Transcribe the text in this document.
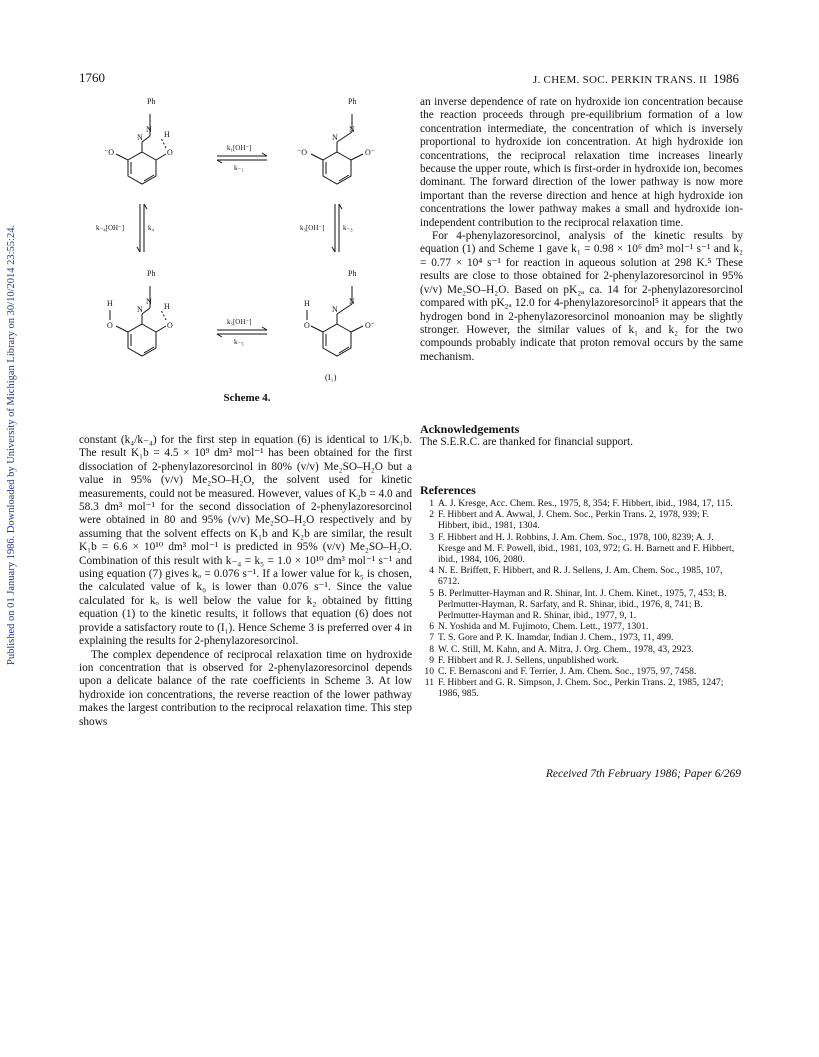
Published on 01 January 1986. Downloaded by University of Michigan Library on 30/10/2014 23:55:24.
1760	J. CHEM. SOC. PERKIN TRANS. II 1986
Ph
N
N
H
⁻O	O
Ph
N
N
⁻O	O⁻
k₁[OH⁻]
k₋₁
k₋₄[OH⁻]	k₄	k₃[OH⁻]	k₋₃
Ph
N
N
H
H
O	O
Ph
N
N
H
O	O⁻
k₅[OH⁻]
k₋₅
(I₁)
Scheme 4.

constant (k₄/k₋₄) for the first step in equation (6) is identical to 1/K₁b. The result K₁b = 4.5 × 10⁹ dm³ mol⁻¹ has been obtained for the first dissociation of 2-phenylazoresorcinol in 80% (v/v) Me₂SO–H₂O but a value in 95% (v/v) Me₂SO–H₂O, the solvent used for kinetic measurements, could not be measured. However, values of K₂b = 4.0 and 58.3 dm³ mol⁻¹ for the second dissociation of 2-phenylazoresorcinol were obtained in 80 and 95% (v/v) Me₂SO–H₂O respectively and by assuming that the solvent effects on K₁b and K₂b are similar, the result K₁b = 6.6 × 10¹⁰ dm³ mol⁻¹ is predicted in 95% (v/v) Me₂SO–H₂O. Combination of this result with k₋₄ = k₅ = 1.0 × 10¹⁰ dm³ mol⁻¹ s⁻¹ and using equation (7) gives kₒ = 0.076 s⁻¹. If a lower value for k₅ is chosen, the calculated value of k₀ is lower than 0.076 s⁻¹. Since the value calculated for kₒ is well below the value for k₂ obtained by fitting equation (1) to the kinetic results, it follows that equation (6) does not provide a satisfactory route to (I₁). Hence Scheme 3 is preferred over 4 in explaining the results for 2-phenylazoresorcinol.

The complex dependence of reciprocal relaxation time on hydroxide ion concentration that is observed for 2-phenylazoresorcinol depends upon a delicate balance of the rate coefficients in Scheme 3. At low hydroxide ion concentrations, the reverse reaction of the lower pathway makes the largest contribution to the reciprocal relaxation time. This step shows

an inverse dependence of rate on hydroxide ion concentration because the reaction proceeds through pre-equilibrium formation of a low concentration intermediate, the concentration of which is inversely proportional to hydroxide ion concentration. At high hydroxide ion concentrations, the reciprocal relaxation time increases linearly because the upper route, which is first-order in hydroxide ion, becomes dominant. The forward direction of the lower pathway is now more important than the reverse direction and hence at high hydroxide ion concentrations the lower pathway makes a small and hydroxide ion-independent contribution to the reciprocal relaxation time.

For 4-phenylazoresorcinol, analysis of the kinetic results by equation (1) and Scheme 1 gave k₁ = 0.98 × 10⁶ dm³ mol⁻¹ s⁻¹ and k₂ = 0.77 × 10⁴ s⁻¹ for reaction in aqueous solution at 298 K.⁵ These results are close to those obtained for 2-phenylazoresorcinol in 95% (v/v) Me₂SO–H₂O. Based on pK₂ₐ ca. 14 for 2-phenylazoresorcinol compared with pK₂ₐ 12.0 for 4-phenylazoresorcinol⁵ it appears that the hydrogen bond in 2-phenylazoresorcinol monoanion may be slightly stronger. However, the similar values of k₁ and k₂ for the two compounds probably indicate that proton removal occurs by the same mechanism.

Acknowledgements
The S.E.R.C. are thanked for financial support.
References
1 A. J. Kresge, Acc. Chem. Res., 1975, 8, 354; F. Hibbert, ibid., 1984, 17, 115.
2 F. Hibbert and A. Awwal, J. Chem. Soc., Perkin Trans. 2, 1978, 939; F. Hibbert, ibid., 1981, 1304.
3 F. Hibbert and H. J. Robbins, J. Am. Chem. Soc., 1978, 100, 8239; A. J. Kresge and M. F. Powell, ibid., 1981, 103, 972; G. H. Barnett and F. Hibbert, ibid., 1984, 106, 2080.
4 N. E. Briffett, F. Hibbert, and R. J. Sellens, J. Am. Chem. Soc., 1985, 107, 6712.
5 B. Perlmutter-Hayman and R. Shinar, Int. J. Chem. Kinet., 1975, 7, 453; B. Perlmutter-Hayman, R. Sarfaty, and R. Shinar, ibid., 1976, 8, 741; B. Perlmutter-Hayman and R. Shinar, ibid., 1977, 9, 1.
6 N. Yoshida and M. Fujimoto, Chem. Lett., 1977, 1301.
7 T. S. Gore and P. K. Inamdar, Indian J. Chem., 1973, 11, 499.
8 W. C. Still, M. Kahn, and A. Mitra, J. Org. Chem., 1978, 43, 2923.
9 F. Hibbert and R. J. Sellens, unpublished work.
10 C. F. Bernasconi and F. Terrier, J. Am. Chem. Soc., 1975, 97, 7458.
11 F. Hibbert and G. R. Simpson, J. Chem. Soc., Perkin Trans. 2, 1985, 1247; 1986, 985.
Received 7th February 1986; Paper 6/269
